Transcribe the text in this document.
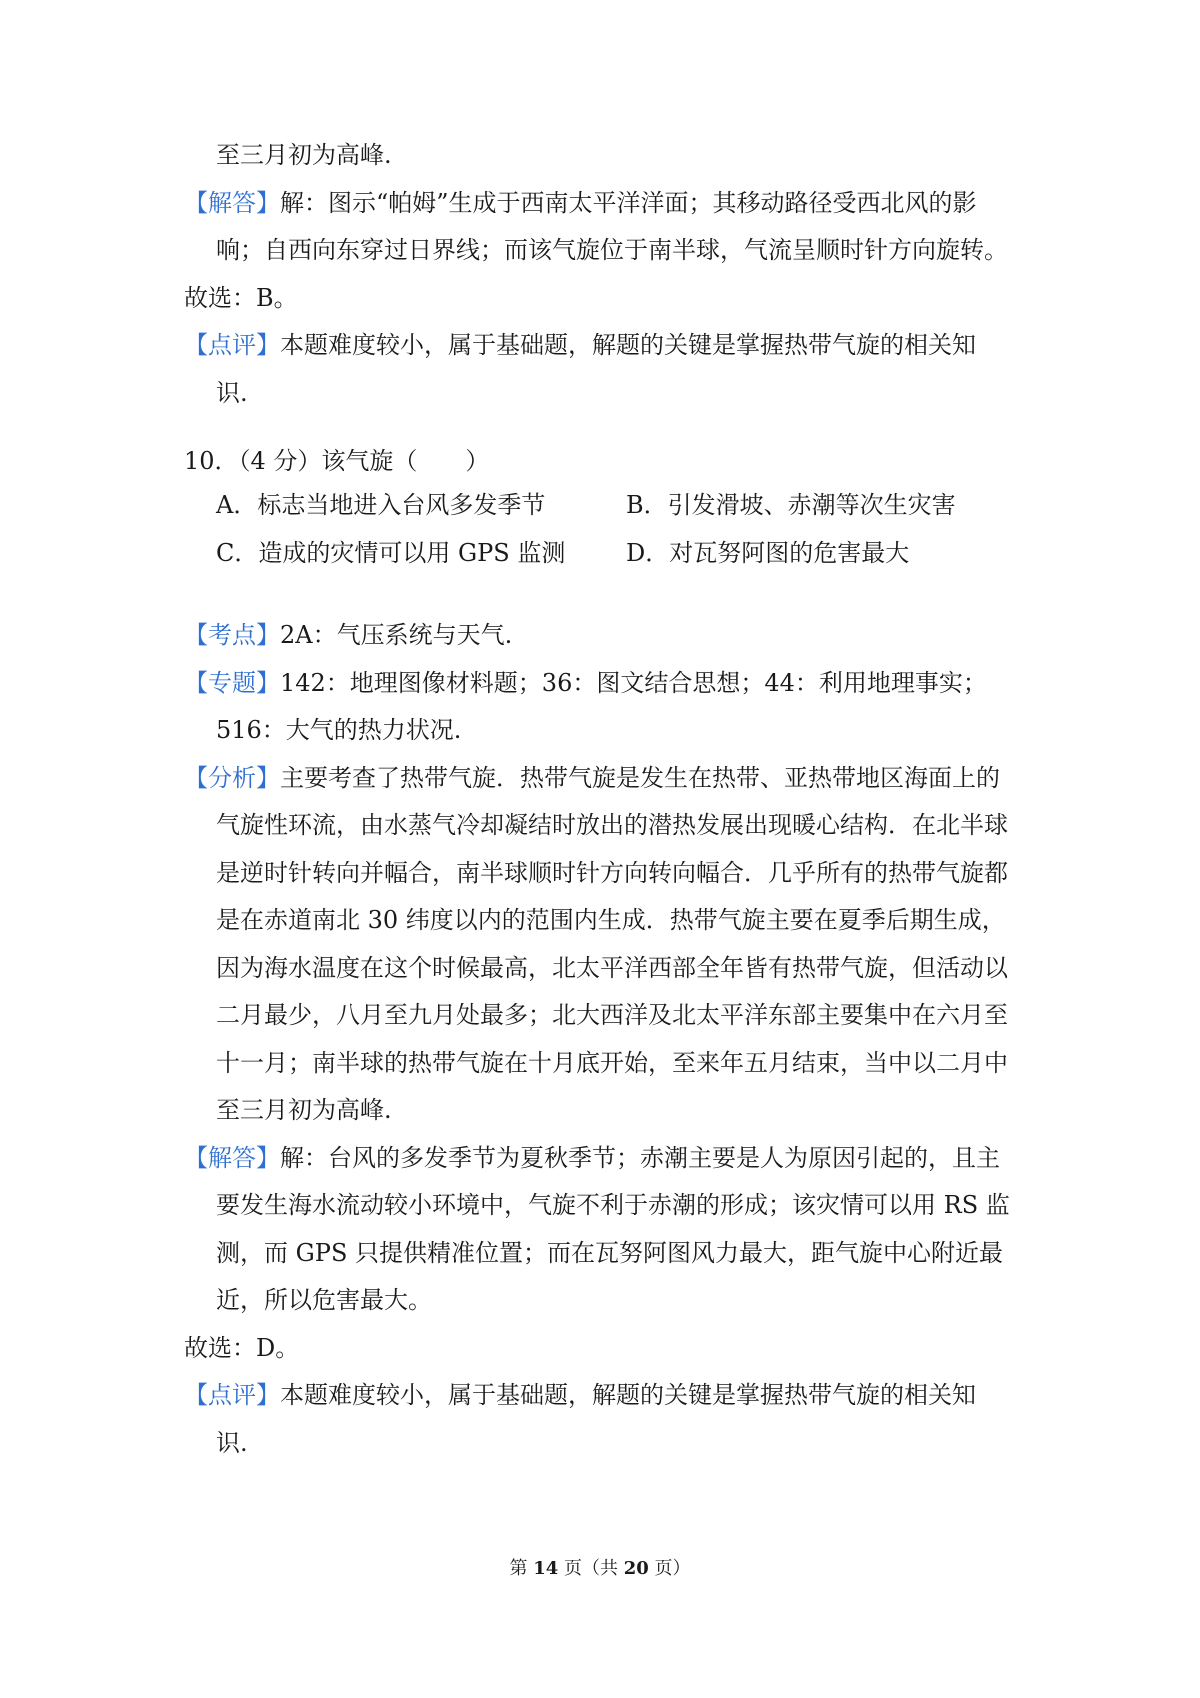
至三月初为高峰.
【解答】解：图示“帕姆”生成于西南太平洋洋面；其移动路径受西北风的影
响；自西向东穿过日界线；而该气旋位于南半球，气流呈顺时针方向旋转。
故选：B。
【点评】本题难度较小，属于基础题，解题的关键是掌握热带气旋的相关知
识.
10．（4 分）该气旋（　　）
A．标志当地进入台风多发季节	B．引发滑坡、赤潮等次生灾害
C．造成的灾情可以用 GPS 监测	D．对瓦努阿图的危害最大
【考点】2A：气压系统与天气.
【专题】142：地理图像材料题；36：图文结合思想；44：利用地理事实；
516：大气的热力状况.
【分析】主要考查了热带气旋．热带气旋是发生在热带、亚热带地区海面上的
气旋性环流，由水蒸气冷却凝结时放出的潜热发展出现暖心结构．在北半球
是逆时针转向并幅合，南半球顺时针方向转向幅合．几乎所有的热带气旋都
是在赤道南北 30 纬度以内的范围内生成．热带气旋主要在夏季后期生成，
因为海水温度在这个时候最高，北太平洋西部全年皆有热带气旋，但活动以
二月最少，八月至九月处最多；北大西洋及北太平洋东部主要集中在六月至
十一月；南半球的热带气旋在十月底开始，至来年五月结束，当中以二月中
至三月初为高峰.
【解答】解：台风的多发季节为夏秋季节；赤潮主要是人为原因引起的，且主
要发生海水流动较小环境中，气旋不利于赤潮的形成；该灾情可以用 RS 监
测，而 GPS 只提供精准位置；而在瓦努阿图风力最大，距气旋中心附近最
近，所以危害最大。
故选：D。
【点评】本题难度较小，属于基础题，解题的关键是掌握热带气旋的相关知
识.
第 14 页（共 20 页）
